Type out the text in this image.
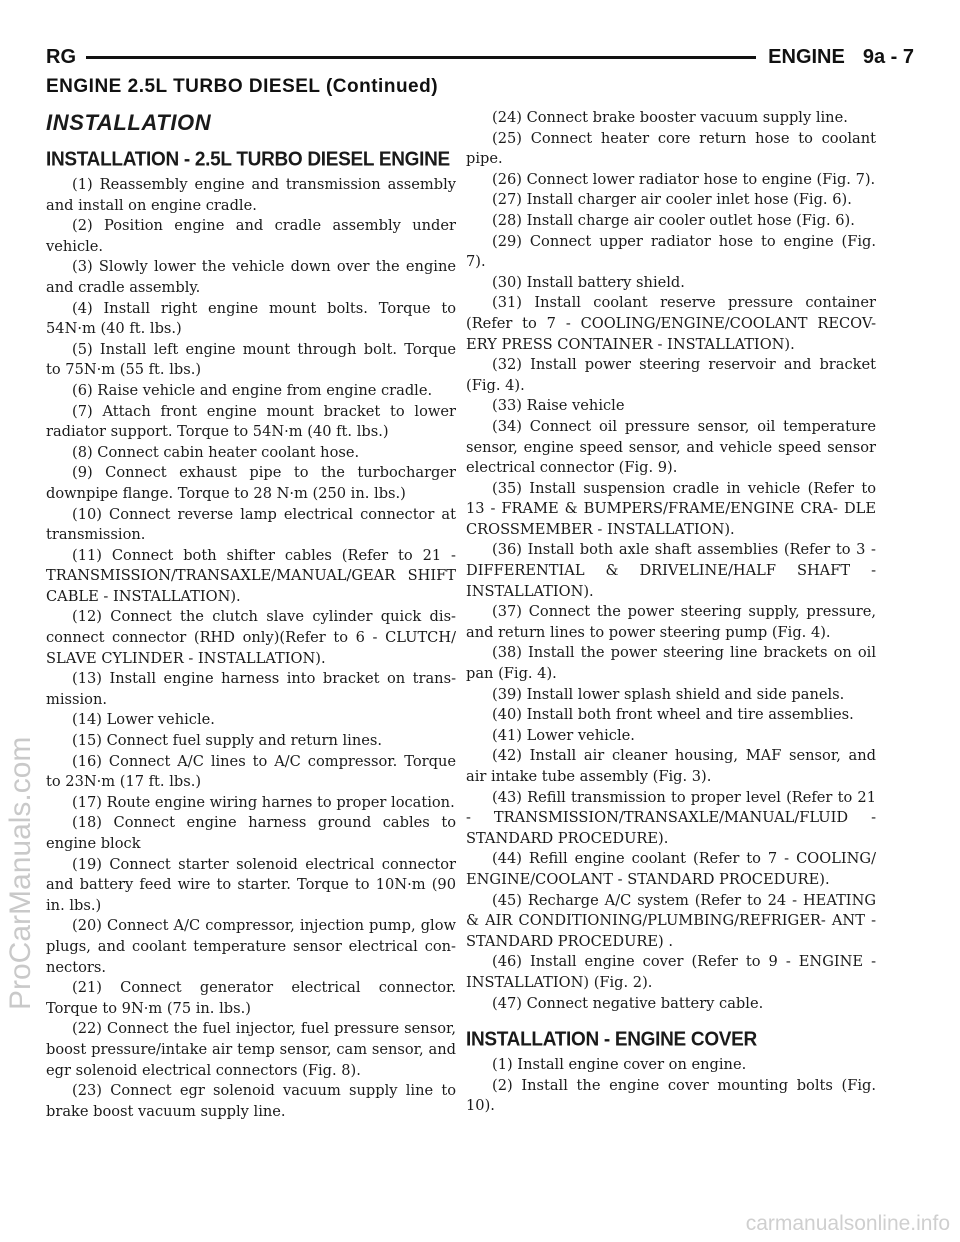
RG	ENGINE 9a - 7
ENGINE 2.5L TURBO DIESEL (Continued)
INSTALLATION
INSTALLATION - 2.5L TURBO DIESEL ENGINE

(1) Reassembly engine and transmission assembly and install on engine cradle.

(2) Position engine and cradle assembly under vehicle.

(3) Slowly lower the vehicle down over the engine and cradle assembly.

(4) Install right engine mount bolts. Torque to 54N·m (40 ft. lbs.)

(5) Install left engine mount through bolt. Torque to 75N·m (55 ft. lbs.)

(6) Raise vehicle and engine from engine cradle.

(7) Attach front engine mount bracket to lower radiator support. Torque to 54N·m (40 ft. lbs.)

(8) Connect cabin heater coolant hose.

(9) Connect exhaust pipe to the turbocharger downpipe flange. Torque to 28 N·m (250 in. lbs.)

(10) Connect reverse lamp electrical connector at transmission.

(11) Connect both shifter cables (Refer to 21 - TRANSMISSION/TRANSAXLE/MANUAL/GEAR SHIFT CABLE - INSTALLATION).

(12) Connect the clutch slave cylinder quick dis- connect connector (RHD only)(Refer to 6 - CLUTCH/ SLAVE CYLINDER - INSTALLATION).

(13) Install engine harness into bracket on trans- mission.

(14) Lower vehicle.

(15) Connect fuel supply and return lines.

(16) Connect A/C lines to A/C compressor. Torque to 23N·m (17 ft. lbs.)

(17) Route engine wiring harnes to proper location.

(18) Connect engine harness ground cables to engine block

(19) Connect starter solenoid electrical connector and battery feed wire to starter. Torque to 10N·m (90 in. lbs.)

(20) Connect A/C compressor, injection pump, glow plugs, and coolant temperature sensor electrical con- nectors.

(21) Connect generator electrical connector. Torque to 9N·m (75 in. lbs.)

(22) Connect the fuel injector, fuel pressure sensor, boost pressure/intake air temp sensor, cam sensor, and egr solenoid electrical connectors (Fig. 8).

(23) Connect egr solenoid vacuum supply line to brake boost vacuum supply line.

(24) Connect brake booster vacuum supply line.

(25) Connect heater core return hose to coolant pipe.

(26) Connect lower radiator hose to engine (Fig. 7).

(27) Install charger air cooler inlet hose (Fig. 6).

(28) Install charge air cooler outlet hose (Fig. 6).

(29) Connect upper radiator hose to engine (Fig. 7).

(30) Install battery shield.

(31) Install coolant reserve pressure container (Refer to 7 - COOLING/ENGINE/COOLANT RECOV- ERY PRESS CONTAINER - INSTALLATION).

(32) Install power steering reservoir and bracket (Fig. 4).

(33) Raise vehicle

(34) Connect oil pressure sensor, oil temperature sensor, engine speed sensor, and vehicle speed sensor electrical connector (Fig. 9).

(35) Install suspension cradle in vehicle (Refer to 13 - FRAME & BUMPERS/FRAME/ENGINE CRA- DLE CROSSMEMBER - INSTALLATION).

(36) Install both axle shaft assemblies (Refer to 3 - DIFFERENTIAL & DRIVELINE/HALF SHAFT - INSTALLATION).

(37) Connect the power steering supply, pressure, and return lines to power steering pump (Fig. 4).

(38) Install the power steering line brackets on oil pan (Fig. 4).

(39) Install lower splash shield and side panels.

(40) Install both front wheel and tire assemblies.

(41) Lower vehicle.

(42) Install air cleaner housing, MAF sensor, and air intake tube assembly (Fig. 3).

(43) Refill transmission to proper level (Refer to 21 - TRANSMISSION/TRANSAXLE/MANUAL/FLUID - STANDARD PROCEDURE).

(44) Refill engine coolant (Refer to 7 - COOLING/ ENGINE/COOLANT - STANDARD PROCEDURE).

(45) Recharge A/C system (Refer to 24 - HEATING & AIR CONDITIONING/PLUMBING/REFRIGER- ANT - STANDARD PROCEDURE) .

(46) Install engine cover (Refer to 9 - ENGINE - INSTALLATION) (Fig. 2).

(47) Connect negative battery cable.

INSTALLATION - ENGINE COVER

(1) Install engine cover on engine.

(2) Install the engine cover mounting bolts (Fig. 10).

ProCarManuals.com
carmanualsonline.info
